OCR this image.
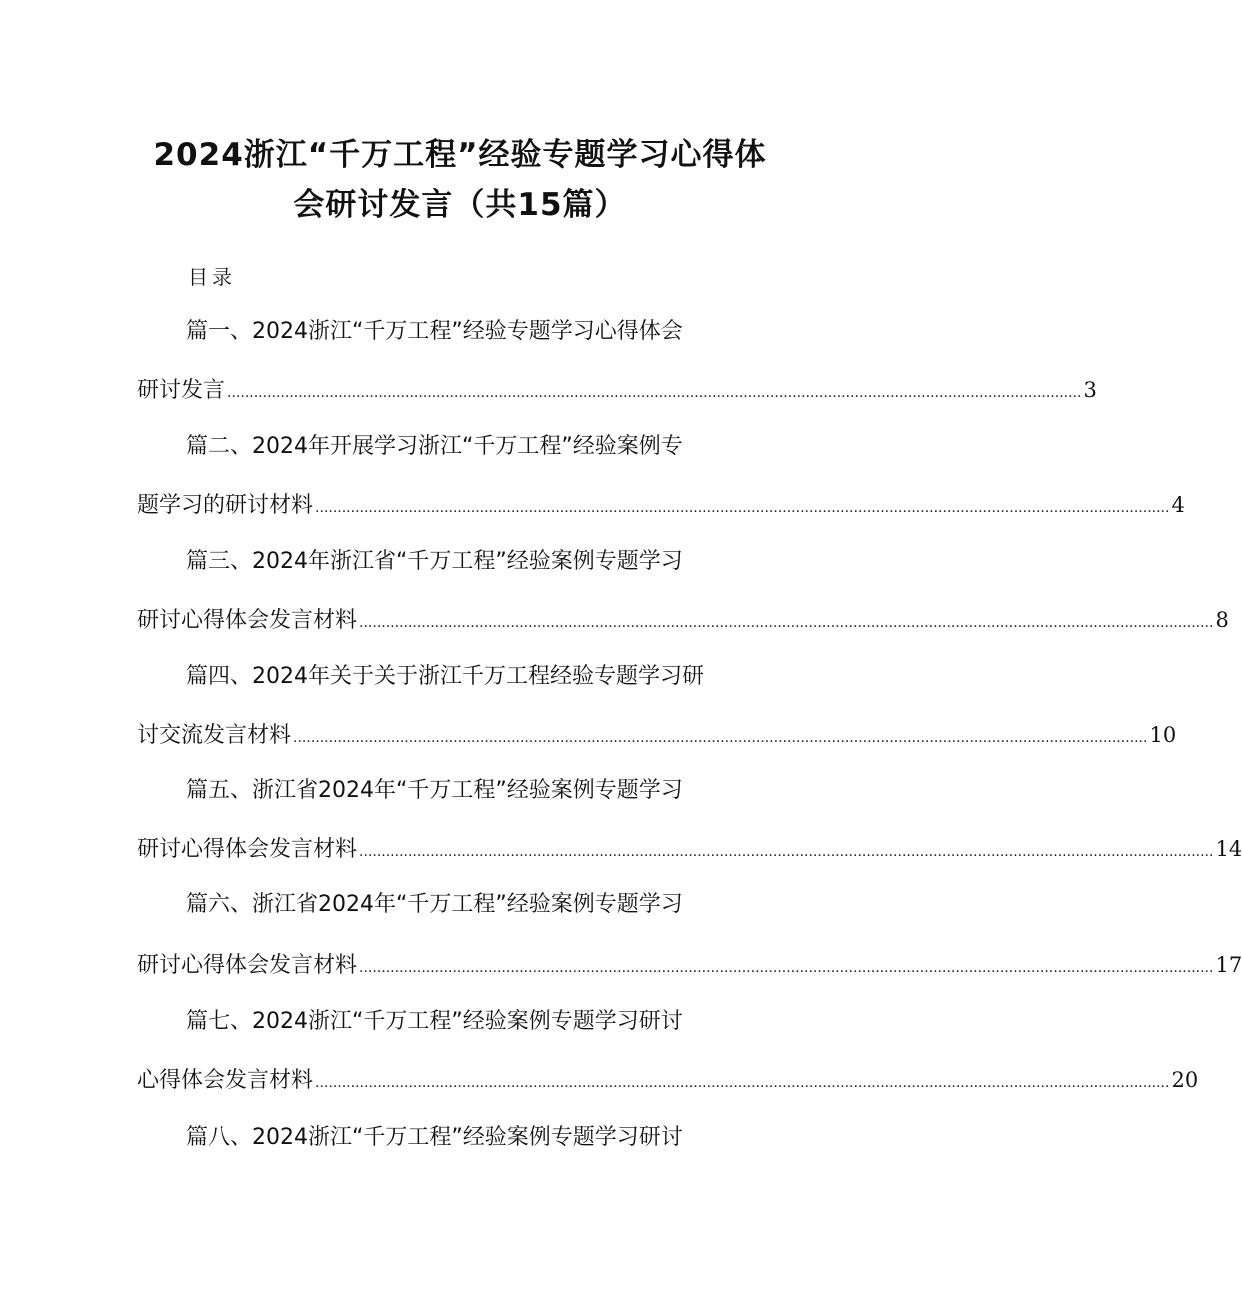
2024浙江“千万工程”经验专题学习心得体
会研讨发言（共15篇）
目录
篇一、2024浙江“千万工程”经验专题学习心得体会
研讨发言 ................................................................................................................................................................................................ 3
篇二、2024年开展学习浙江“千万工程”经验案例专
题学习的研讨材料 ................................................................................................................................................................................................ 4
篇三、2024年浙江省“千万工程”经验案例专题学习
研讨心得体会发言材料 ................................................................................................................................................................................................ 8
篇四、2024年关于关于浙江千万工程经验专题学习研
讨交流发言材料 ................................................................................................................................................................................................ 10
篇五、浙江省2024年“千万工程”经验案例专题学习
研讨心得体会发言材料 ................................................................................................................................................................................................ 14
篇六、浙江省2024年“千万工程”经验案例专题学习
研讨心得体会发言材料 ................................................................................................................................................................................................ 17
篇七、2024浙江“千万工程”经验案例专题学习研讨
心得体会发言材料 ................................................................................................................................................................................................ 20
篇八、2024浙江“千万工程”经验案例专题学习研讨
